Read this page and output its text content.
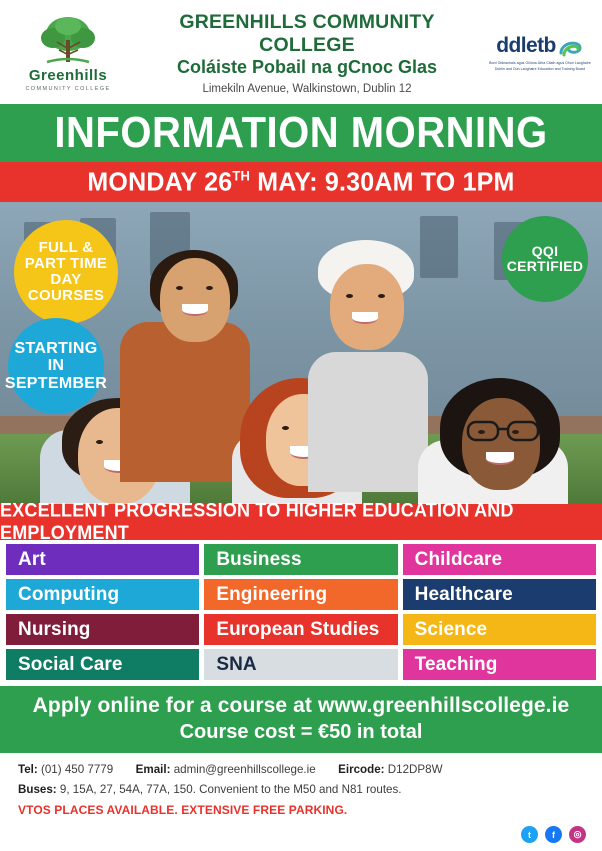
Greenhills
COMMUNITY COLLEGE
GREENHILLS COMMUNITY COLLEGE
Coláiste Pobail na gCnoc Glas
Limekiln Avenue, Walkinstown, Dublin 12
ddletb
Bord Oideachais agus Oiliúna Átha Cliath agus Dhún Laoghaire
Dublin and Dún Laoghaire Education and Training Board
INFORMATION MORNING
MONDAY 26TH MAY: 9.30AM TO 1PM
FULL &
PART TIME
DAY
COURSES
STARTING
IN
SEPTEMBER
QQI
CERTIFIED
EXCELLENT PROGRESSION TO HIGHER EDUCATION AND EMPLOYMENT
Art	Business	Childcare
Computing	Engineering	Healthcare
Nursing	European Studies	Science
Social Care	SNA	Teaching
Apply online for a course at www.greenhillscollege.ie
Course cost = €50 in total
Tel: (01) 450 7779 Email: admin@greenhillscollege.ie Eircode: D12DP8W
Buses: 9, 15A, 27, 54A, 77A, 150. Convenient to the M50 and N81 routes.
VTOS PLACES AVAILABLE. EXTENSIVE FREE PARKING.
t	f	◎
